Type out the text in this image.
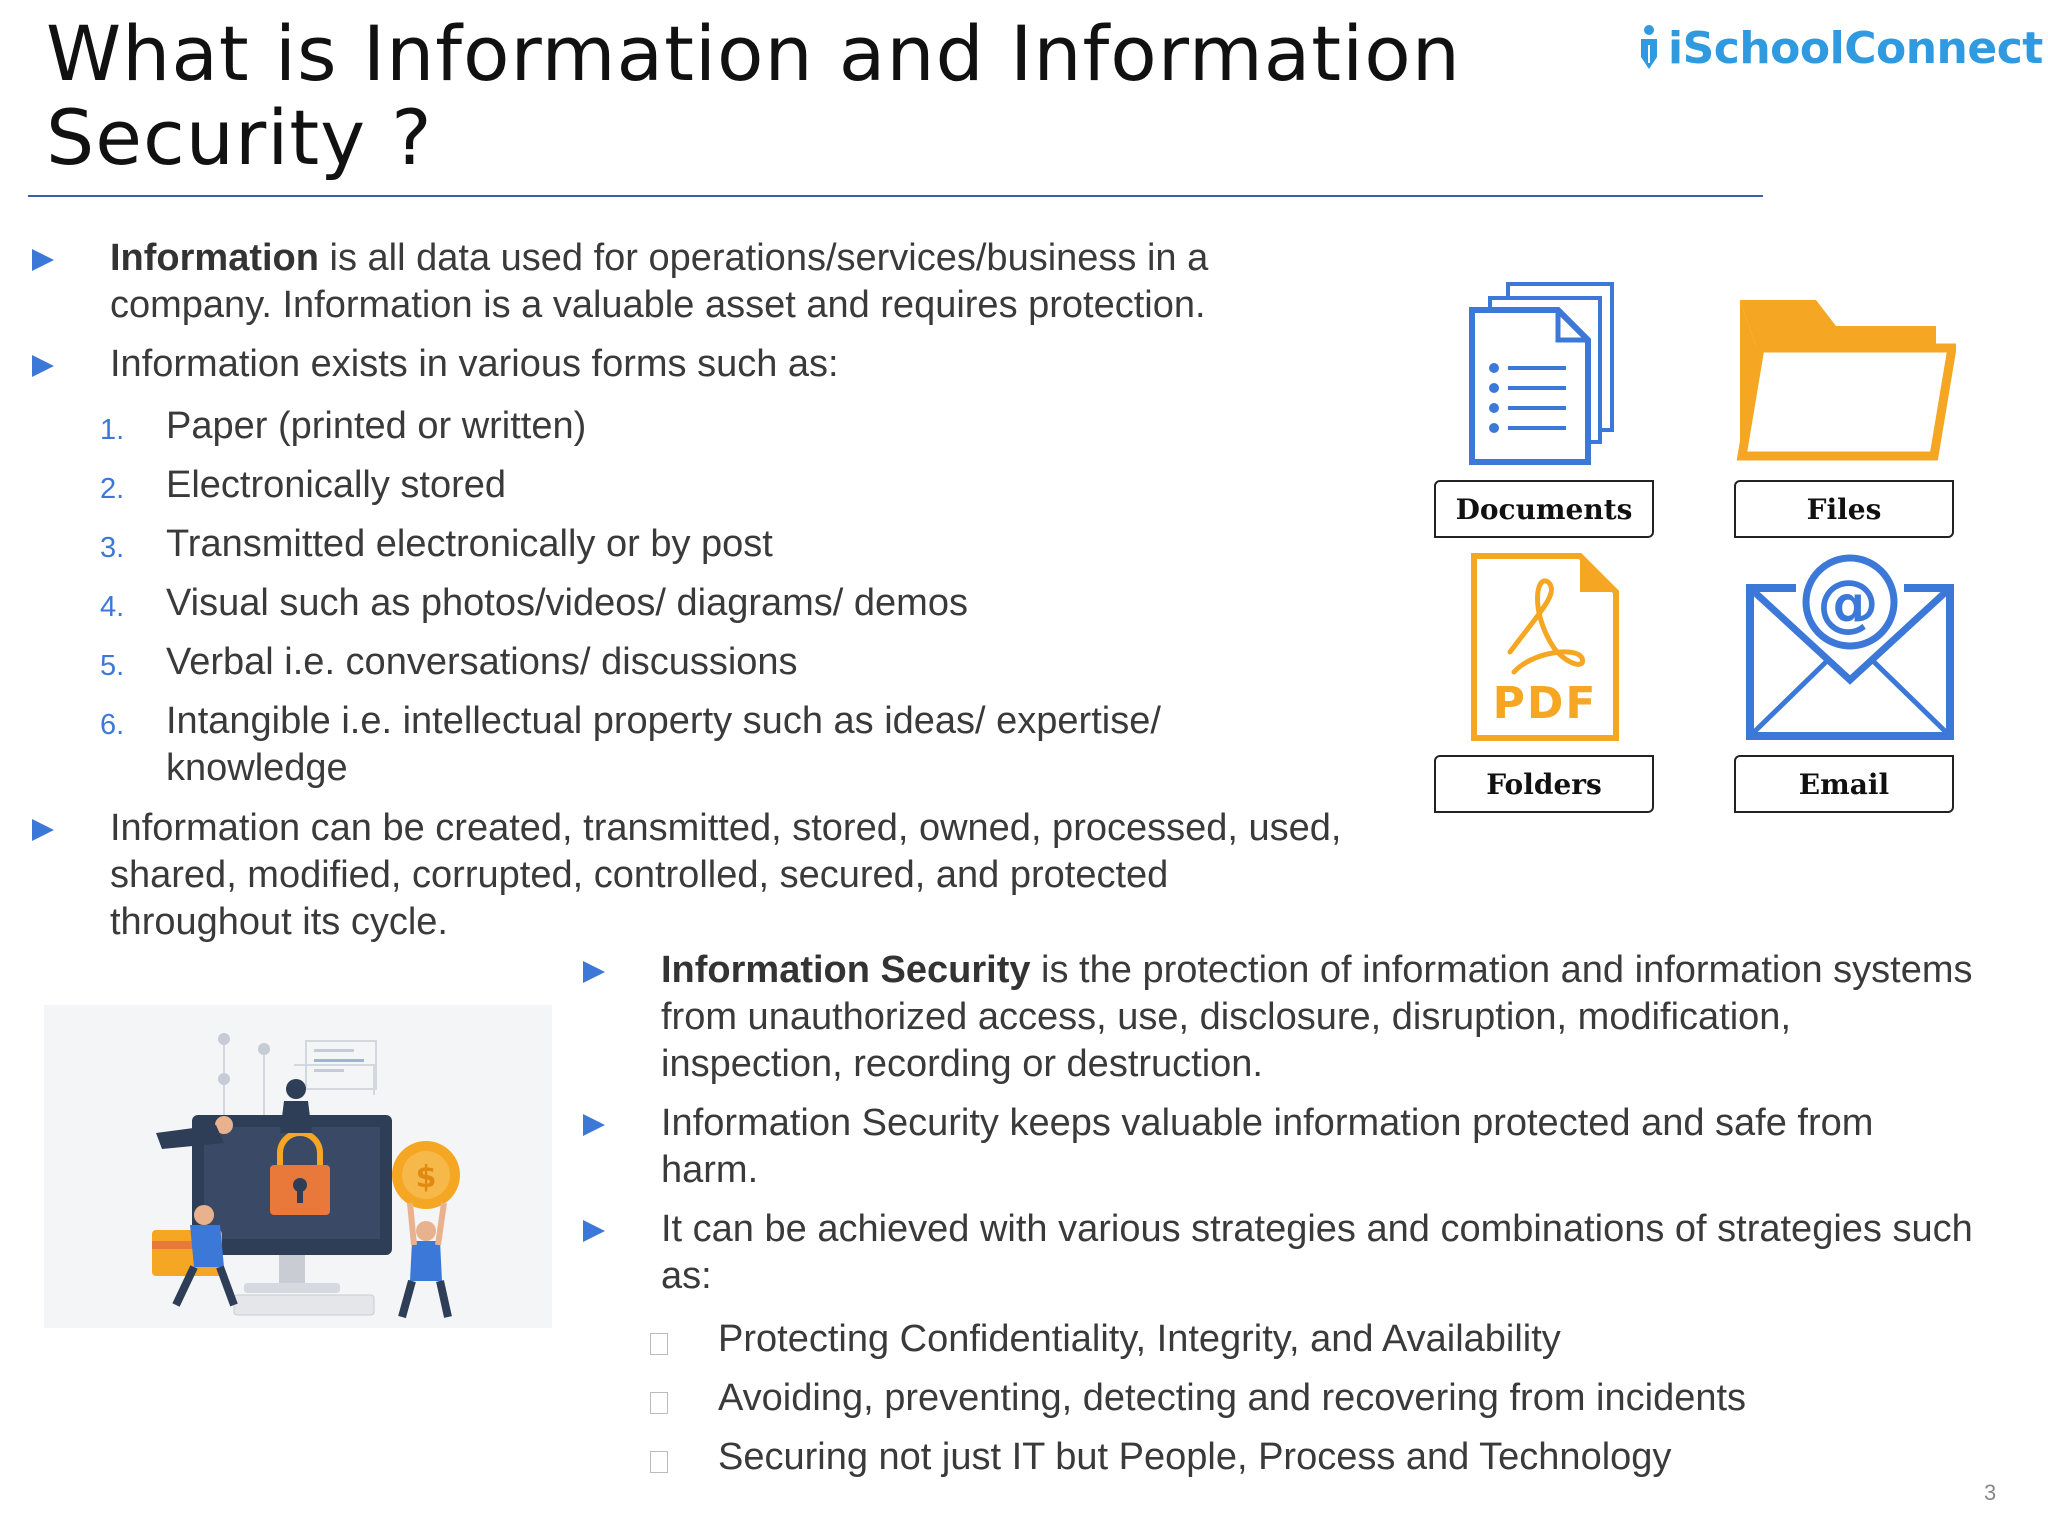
What is Information and Information Security ?
iSchoolConnect
Information is all data used for operations/services/business in a company. Information is a valuable asset and requires protection.
Information exists in various forms such as:
1. Paper (printed or written)
2. Electronically stored
3. Transmitted electronically or by post
4. Visual such as photos/videos/ diagrams/ demos
5. Verbal i.e. conversations/ discussions
6. Intangible i.e. intellectual property such as ideas/ expertise/ knowledge
Information can be created, transmitted, stored, owned, processed, used, shared, modified, corrupted, controlled, secured, and protected throughout its cycle.
Documents	Files
PDF
Folders
@
Email
$
Information Security is the protection of information and information systems from unauthorized access, use, disclosure, disruption, modification, inspection, recording or destruction.
Information Security keeps valuable information protected and safe from harm.
It can be achieved with various strategies and combinations of strategies such as:
Protecting Confidentiality, Integrity, and Availability
Avoiding, preventing, detecting and recovering from incidents
Securing not just IT but People, Process and Technology
3
